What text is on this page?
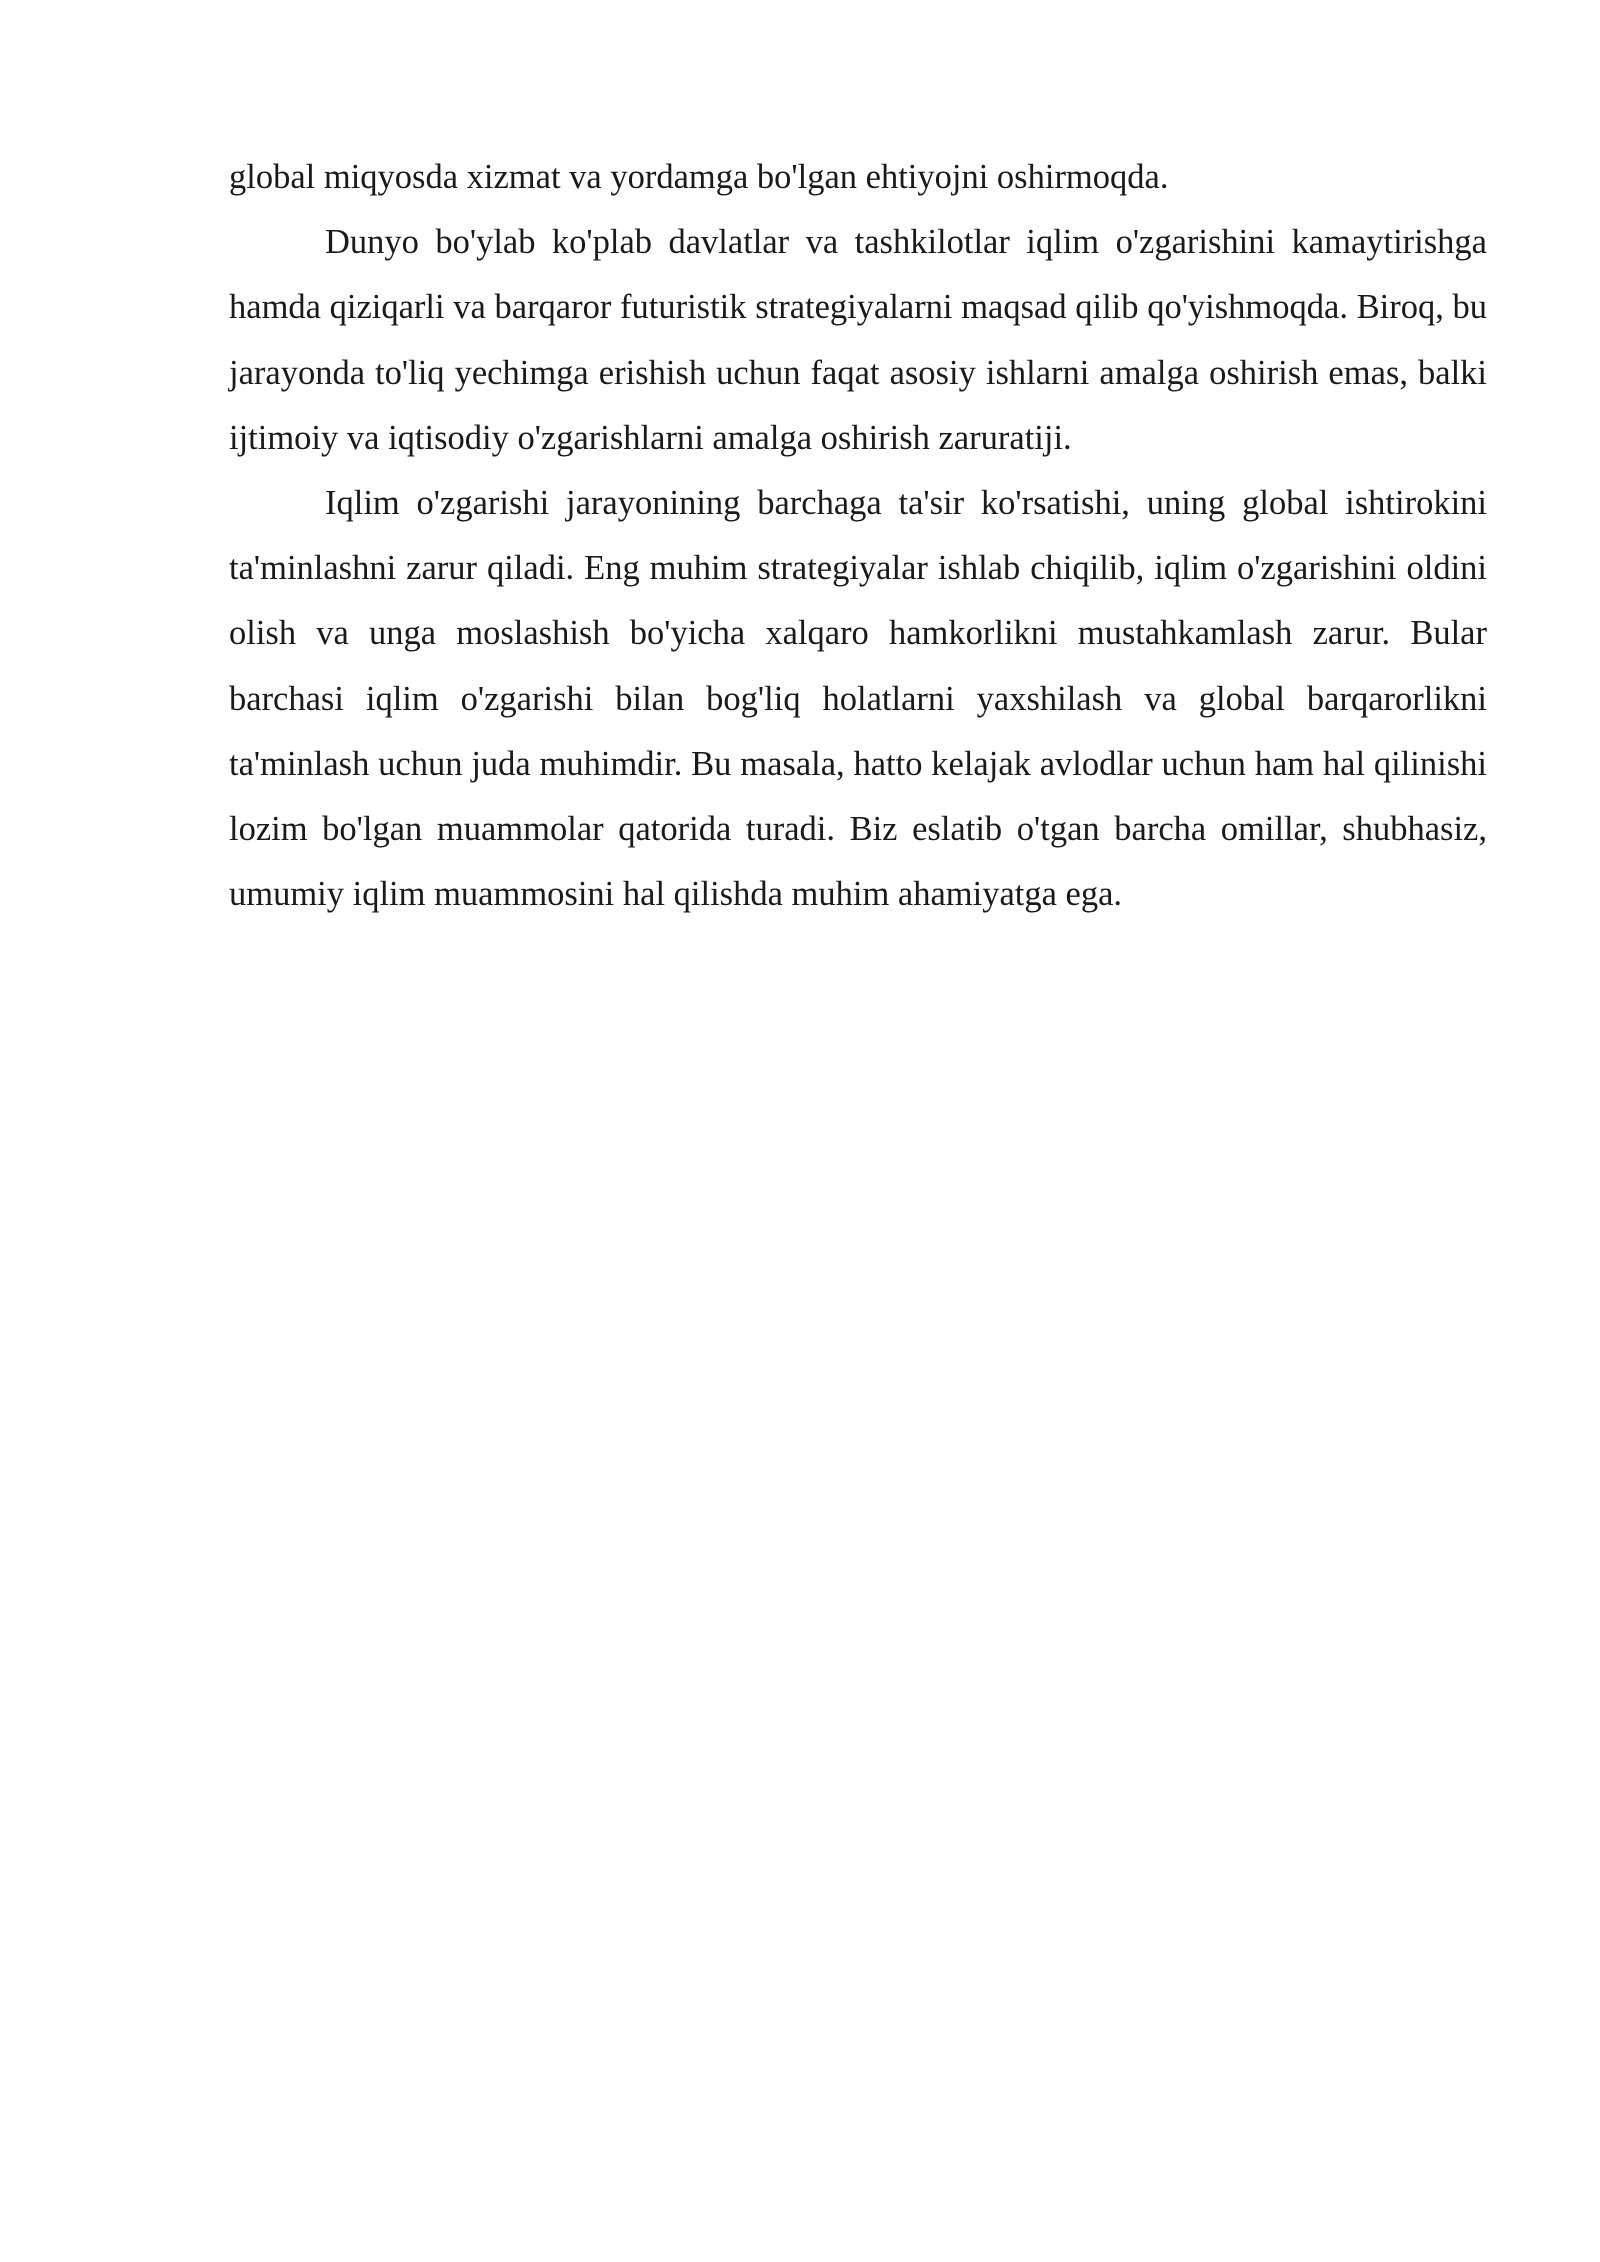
global miqyosda xizmat va yordamga bo'lgan ehtiyojni oshirmoqda.

Dunyo bo'ylab ko'plab davlatlar va tashkilotlar iqlim o'zgarishini kamaytirishga hamda qiziqarli va barqaror futuristik strategiyalarni maqsad qilib qo'yishmoqda. Biroq, bu jarayonda to'liq yechimga erishish uchun faqat asosiy ishlarni amalga oshirish emas, balki ijtimoiy va iqtisodiy o'zgarishlarni amalga oshirish zaruratiji.

Iqlim o'zgarishi jarayonining barchaga ta'sir ko'rsatishi, uning global ishtirokini ta'minlashni zarur qiladi. Eng muhim strategiyalar ishlab chiqilib, iqlim o'zgarishini oldini olish va unga moslashish bo'yicha xalqaro hamkorlikni mustahkamlash zarur. Bular barchasi iqlim o'zgarishi bilan bog'liq holatlarni yaxshilash va global barqarorlikni ta'minlash uchun juda muhimdir. Bu masala, hatto kelajak avlodlar uchun ham hal qilinishi lozim bo'lgan muammolar qatorida turadi. Biz eslatib o'tgan barcha omillar, shubhasiz, umumiy iqlim muammosini hal qilishda muhim ahamiyatga ega.
